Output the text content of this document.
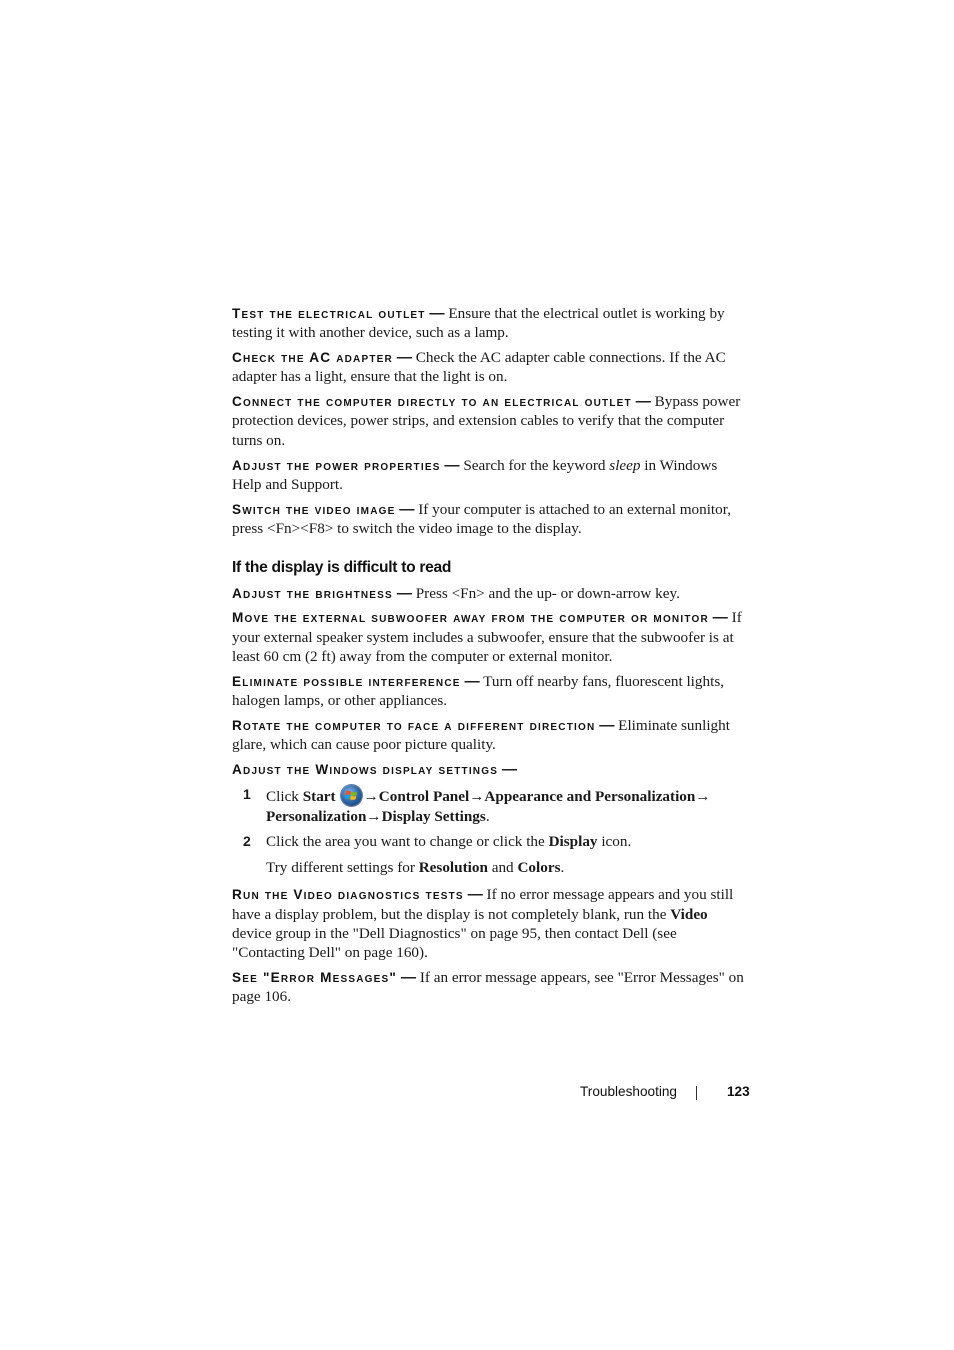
Test the electrical outlet — Ensure that the electrical outlet is working by testing it with another device, such as a lamp.

Check the AC adapter — Check the AC adapter cable connections. If the AC adapter has a light, ensure that the light is on.

Connect the computer directly to an electrical outlet — Bypass power protection devices, power strips, and extension cables to verify that the computer turns on.

Adjust the power properties — Search for the keyword sleep in Windows Help and Support.

Switch the video image — If your computer is attached to an external monitor, press <Fn><F8> to switch the video image to the display.

If the display is difficult to read

Adjust the brightness — Press <Fn> and the up- or down-arrow key.

Move the external subwoofer away from the computer or monitor — If your external speaker system includes a subwoofer, ensure that the subwoofer is at least 60 cm (2 ft) away from the computer or external monitor.

Eliminate possible interference — Turn off nearby fans, fluorescent lights, halogen lamps, or other appliances.

Rotate the computer to face a different direction — Eliminate sunlight glare, which can cause poor picture quality.

Adjust the Windows display settings —

1 Click Start →Control Panel→Appearance and Personalization→ Personalization→Display Settings.
2 Click the area you want to change or click the Display icon.

Try different settings for Resolution and Colors.

Run the Video diagnostics tests — If no error message appears and you still have a display problem, but the display is not completely blank, run the Video device group in the "Dell Diagnostics" on page 95, then contact Dell (see "Contacting Dell" on page 160).

See "Error Messages" — If an error message appears, see "Error Messages" on page 106.

Troubleshooting	123
